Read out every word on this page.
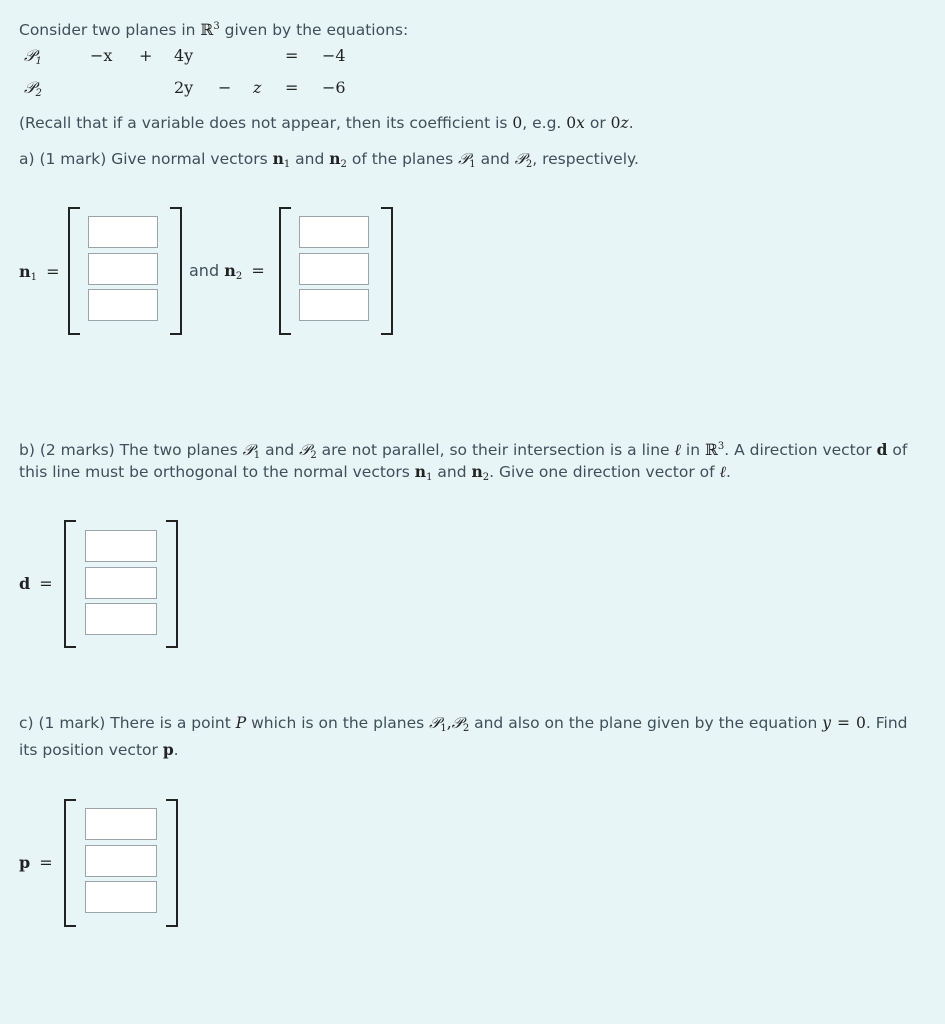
Consider two planes in ℝ$^3$ given by the equations:
𝒫$_1$	−x + 4y	= −4
𝒫$_2$	2y − z = −6
(Recall that if a variable does not appear, then its coefficient is 0, e.g. 0x or 0z.
a) (1 mark) Give normal vectors $n_1$ and $n_2$ of the planes 𝒫$_1$ and 𝒫$_2$, respectively.
$n_1$ =	and $n_2$ =
b) (2 marks) The two planes 𝒫$_1$ and 𝒫$_2$ are not parallel, so their intersection is a line ℓ in ℝ$^3$. A direction vector d of
this line must be orthogonal to the normal vectors $n_1$ and $n_2$. Give one direction vector of ℓ.
d =
c) (1 mark) There is a point P which is on the planes 𝒫$_1$,𝒫$_2$ and also on the plane given by the equation y = 0. Find
its position vector p.
p =
